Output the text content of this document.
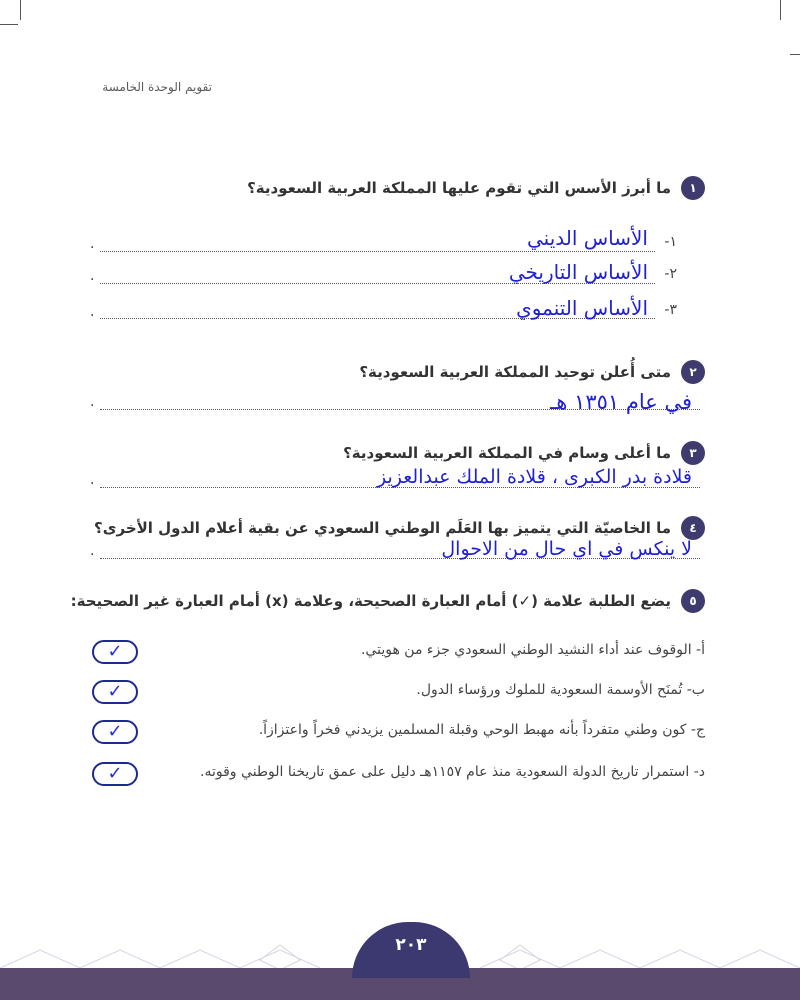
تقويم الوحدة الخامسة
١
ما أبرز الأسس التي تقوم عليها المملكة العربية السعودية؟
١-
.	الأساس الديني
٢-
.	الأساس التاريخي
٣-
.	الأساس التنموي
٢
متى أُعلن توحيد المملكة العربية السعودية؟
.	في عام ١٣٥١ هـ
٣
ما أعلى وسام في المملكة العربية السعودية؟
.	قلادة بدر الكبرى ، قلادة الملك عبدالعزيز
٤
ما الخاصيّة التي يتميز بها العَلَم الوطني السعودي عن بقية أعلام الدول الأخرى؟
.	لا ينكس في اي حال من الاحوال
٥
يضع الطلبة علامة (✓) أمام العبارة الصحيحة، وعلامة (x) أمام العبارة غير الصحيحة:
أ- الوقوف عند أداء النشيد الوطني السعودي جزء من هويتي.
✓
ب- تُمنَح الأوسمة السعودية للملوك ورؤساء الدول.
✓
ج- كون وطني متفرداً بأنه مهبط الوحي وقبلة المسلمين يزيدني فخراً واعتزازاً.
✓
د- استمرار تاريخ الدولة السعودية منذ عام ١١٥٧هـ دليل على عمق تاريخنا الوطني وقوته.
✓
٢٠٣
